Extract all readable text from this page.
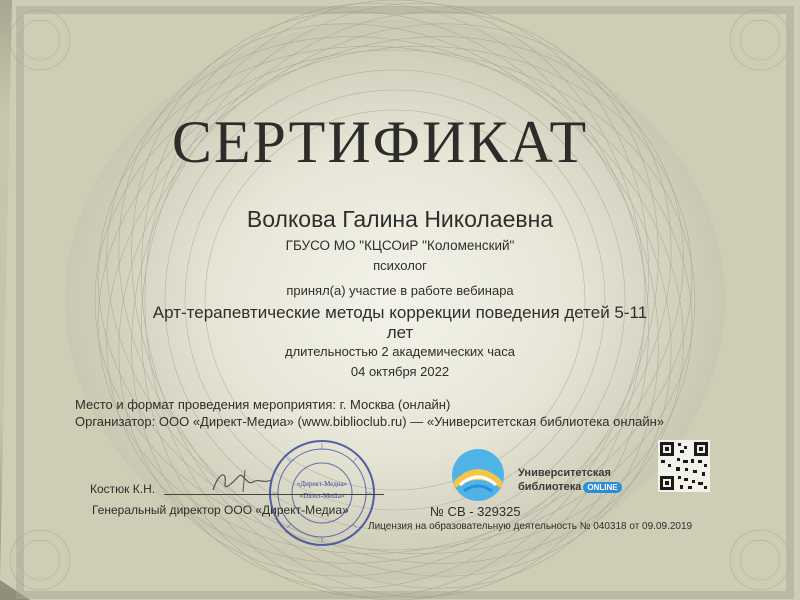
СЕРТИФИКАТ
Волкова Галина Николаевна
ГБУСО МО "КЦСОиР "Коломенский"
психолог
принял(а) участие в работе вебинара
Арт-терапевтические методы коррекции поведения детей 5-11 лет
длительностью 2 академических часа
04 октября 2022
Место и формат проведения мероприятия: г. Москва (онлайн)
Организатор: ООО «Директ-Медиа» (www.biblioclub.ru) — «Университетская библиотека онлайн»
«Директ-Медиа»
«Direct-Media»
Костюк К.Н.
Генеральный директор ООО «Директ-Медиа»
Университетская
библиотека ONLINE
№ СВ - 329325
Лицензия на образовательную деятельность № 040318 от 09.09.2019
